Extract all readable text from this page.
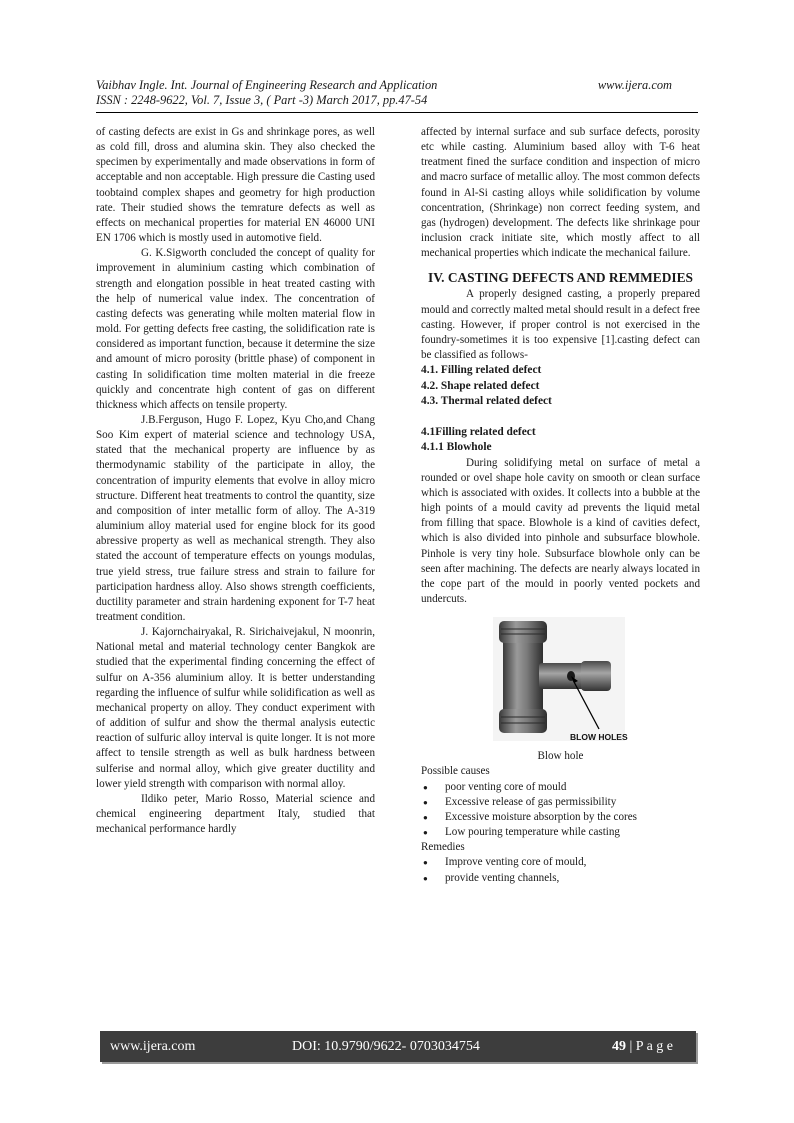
Vaibhav Ingle. Int. Journal of Engineering Research and Application	www.ijera.com
ISSN : 2248-9622, Vol. 7, Issue 3, ( Part -3) March 2017, pp.47-54

of casting defects are exist in Gs and shrinkage pores, as well as cold fill, dross and alumina skin. They also checked the specimen by experimentally and made observations in form of acceptable and non acceptable. High pressure die Casting used toobtaind complex shapes and geometry for high production rate. Their studied shows the temrature defects as well as effects on mechanical properties for material EN 46000 UNI EN 1706 which is mostly used in automotive field.

G. K.Sigworth concluded the concept of quality for improvement in aluminium casting which combination of strength and elongation possible in heat treated casting with the help of numerical value index. The concentration of casting defects was generating while molten material flow in mold. For getting defects free casting, the solidification rate is considered as important function, because it determine the size and amount of micro porosity (brittle phase) of component in casting In solidification time molten material in die freeze quickly and concentrate high content of gas on different thickness which affects on tensile property.

J.B.Ferguson, Hugo F. Lopez, Kyu Cho,and Chang Soo Kim expert of material science and technology USA, stated that the mechanical property are influence by as thermodynamic stability of the participate in alloy, the concentration of impurity elements that evolve in alloy micro structure. Different heat treatments to control the quantity, size and composition of inter metallic form of alloy. The A-319 aluminium alloy material used for engine block for its good abressive property as well as mechanical strength. They also stated the account of temperature effects on youngs modulas, true yield stress, true failure stress and strain to failure for participation hardness alloy. Also shows strength coefficients, ductility parameter and strain hardening exponent for T-7 heat treatment condition.

J. Kajornchairyakal, R. Sirichaivejakul, N moonrin, National metal and material technology center Bangkok are studied that the experimental finding concerning the effect of sulfur on A-356 aluminium alloy. It is better understanding regarding the influence of sulfur while solidification as well as mechanical property on alloy. They conduct experiment with of addition of sulfur and show the thermal analysis eutectic reaction of sulfuric alloy interval is quite longer. It is not more affect to tensile strength as well as bulk hardness between sulferise and normal alloy, which give greater ductility and lower yield strength with comparison with normal alloy.

Ildiko peter, Mario Rosso, Material science and chemical engineering department Italy, studied that mechanical performance hardly

affected by internal surface and sub surface defects, porosity etc while casting. Aluminium based alloy with T-6 heat treatment fined the surface condition and inspection of micro and macro surface of metallic alloy. The most common defects found in Al-Si casting alloys while solidification by volume concentration, (Shrinkage) non correct feeding system, and gas (hydrogen) development. The defects like shrinkage pour inclusion crack initiate site, which mostly affect to all mechanical properties which indicate the mechanical failure.

IV. CASTING DEFECTS AND REMMEDIES

A properly designed casting, a properly prepared mould and correctly malted metal should result in a defect free casting. However, if proper control is not exercised in the foundry-sometimes it is too expensive [1].casting defect can be classified as follows-

4.1. Filling related defect
4.2. Shape related defect
4.3. Thermal related defect
4.1Filling related defect
4.1.1 Blowhole

During solidifying metal on surface of metal a rounded or ovel shape hole cavity on smooth or clean surface which is associated with oxides. It collects into a bubble at the high points of a mould cavity ad prevents the liquid metal from filling that space. Blowhole is a kind of cavities defect, which is also divided into pinhole and subsurface blowhole. Pinhole is very tiny hole. Subsurface blowhole only can be seen after machining. The defects are nearly always located in the cope part of the mould in poorly vented pockets and undercuts.

BLOW HOLES
Blow hole
Possible causes
● poor venting core of mould
● Excessive release of gas permissibility
● Excessive moisture absorption by the cores
● Low pouring temperature while casting
Remedies
● Improve venting core of mould,
● provide venting channels,
www.ijera.com	DOI: 10.9790/9622- 0703034754	49 | P a g e
